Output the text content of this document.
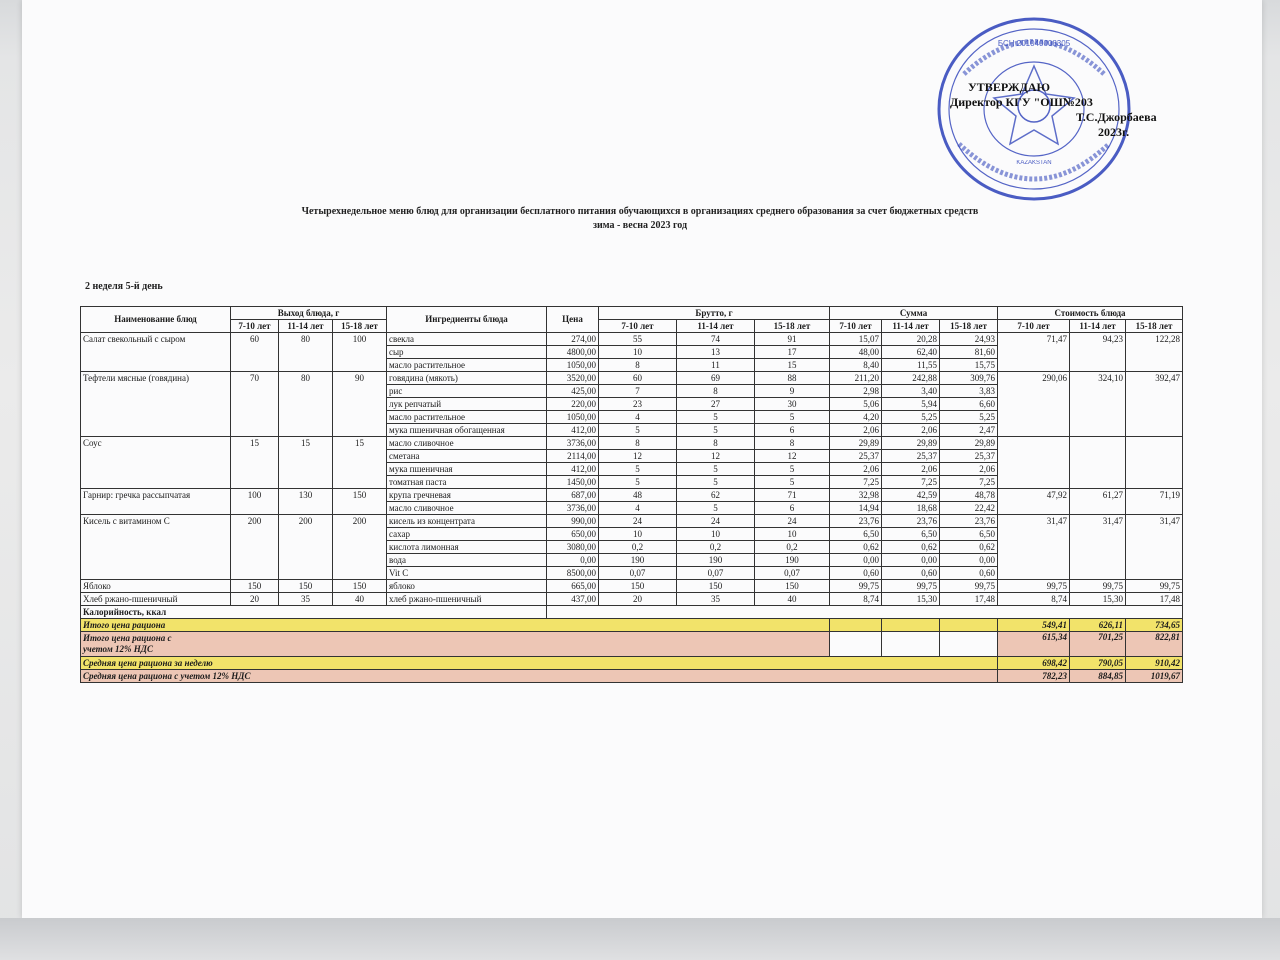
БСН 201040008305
KAZAKSTAN
УТВЕРЖДАЮ
Директор КГУ "ОШ№203
Т.С.Джорбаева
2023г.
Четырехнедельное меню блюд для организации бесплатного питания обучающихся в организациях среднего образования за счет бюджетных средств
зима - весна 2023 год
2 неделя 5-й день
Наименование блюд	Выход блюда, г			Ингредиенты блюда	Цена	Брутто, г			Сумма			Стоимость блюда		
	7-10 лет	11-14 лет	15-18 лет			7-10 лет	11-14 лет	15-18 лет	7-10 лет	11-14 лет	15-18 лет	7-10 лет	11-14 лет	15-18 лет
Салат свекольный с сыром	60	80	100	свекла	274,00	55	74	91	15,07	20,28	24,93	71,47	94,23	122,28
				сыр	4800,00	10	13	17	48,00	62,40	81,60			
				масло растительное	1050,00	8	11	15	8,40	11,55	15,75			
Тефтели мясные (говядина)	70	80	90	говядина (мякоть)	3520,00	60	69	88	211,20	242,88	309,76	290,06	324,10	392,47
				рис	425,00	7	8	9	2,98	3,40	3,83			
				лук репчатый	220,00	23	27	30	5,06	5,94	6,60			
				масло растительное	1050,00	4	5	5	4,20	5,25	5,25			
				мука пшеничная обогащенная	412,00	5	5	6	2,06	2,06	2,47			
Соус	15	15	15	масло сливочное	3736,00	8	8	8	29,89	29,89	29,89			
				сметана	2114,00	12	12	12	25,37	25,37	25,37			
				мука пшеничная	412,00	5	5	5	2,06	2,06	2,06			
				томатная паста	1450,00	5	5	5	7,25	7,25	7,25			
Гарнир: гречка рассыпчатая	100	130	150	крупа гречневая	687,00	48	62	71	32,98	42,59	48,78	47,92	61,27	71,19
				масло сливочное	3736,00	4	5	6	14,94	18,68	22,42			
Кисель с витамином С	200	200	200	кисель из концентрата	990,00	24	24	24	23,76	23,76	23,76	31,47	31,47	31,47
				сахар	650,00	10	10	10	6,50	6,50	6,50			
				кислота лимонная	3080,00	0,2	0,2	0,2	0,62	0,62	0,62			
				вода	0,00	190	190	190	0,00	0,00	0,00			
				Vit C	8500,00	0,07	0,07	0,07	0,60	0,60	0,60			
Яблоко	150	150	150	яблоко	665,00	150	150	150	99,75	99,75	99,75	99,75	99,75	99,75
Хлеб ржано-пшеничный	20	35	40	хлеб ржано-пшеничный	437,00	20	35	40	8,74	15,30	17,48	8,74	15,30	17,48
Калорийность, ккал														
Итого цена рациона												549,41	626,11	734,65

Итого цена рациона с
учетом 12% НДС												615,34	701,25	822,81
Средняя цена рациона за неделю												698,42	790,05	910,42
Средняя цена рациона с учетом 12% НДС												782,23	884,85	1019,67
